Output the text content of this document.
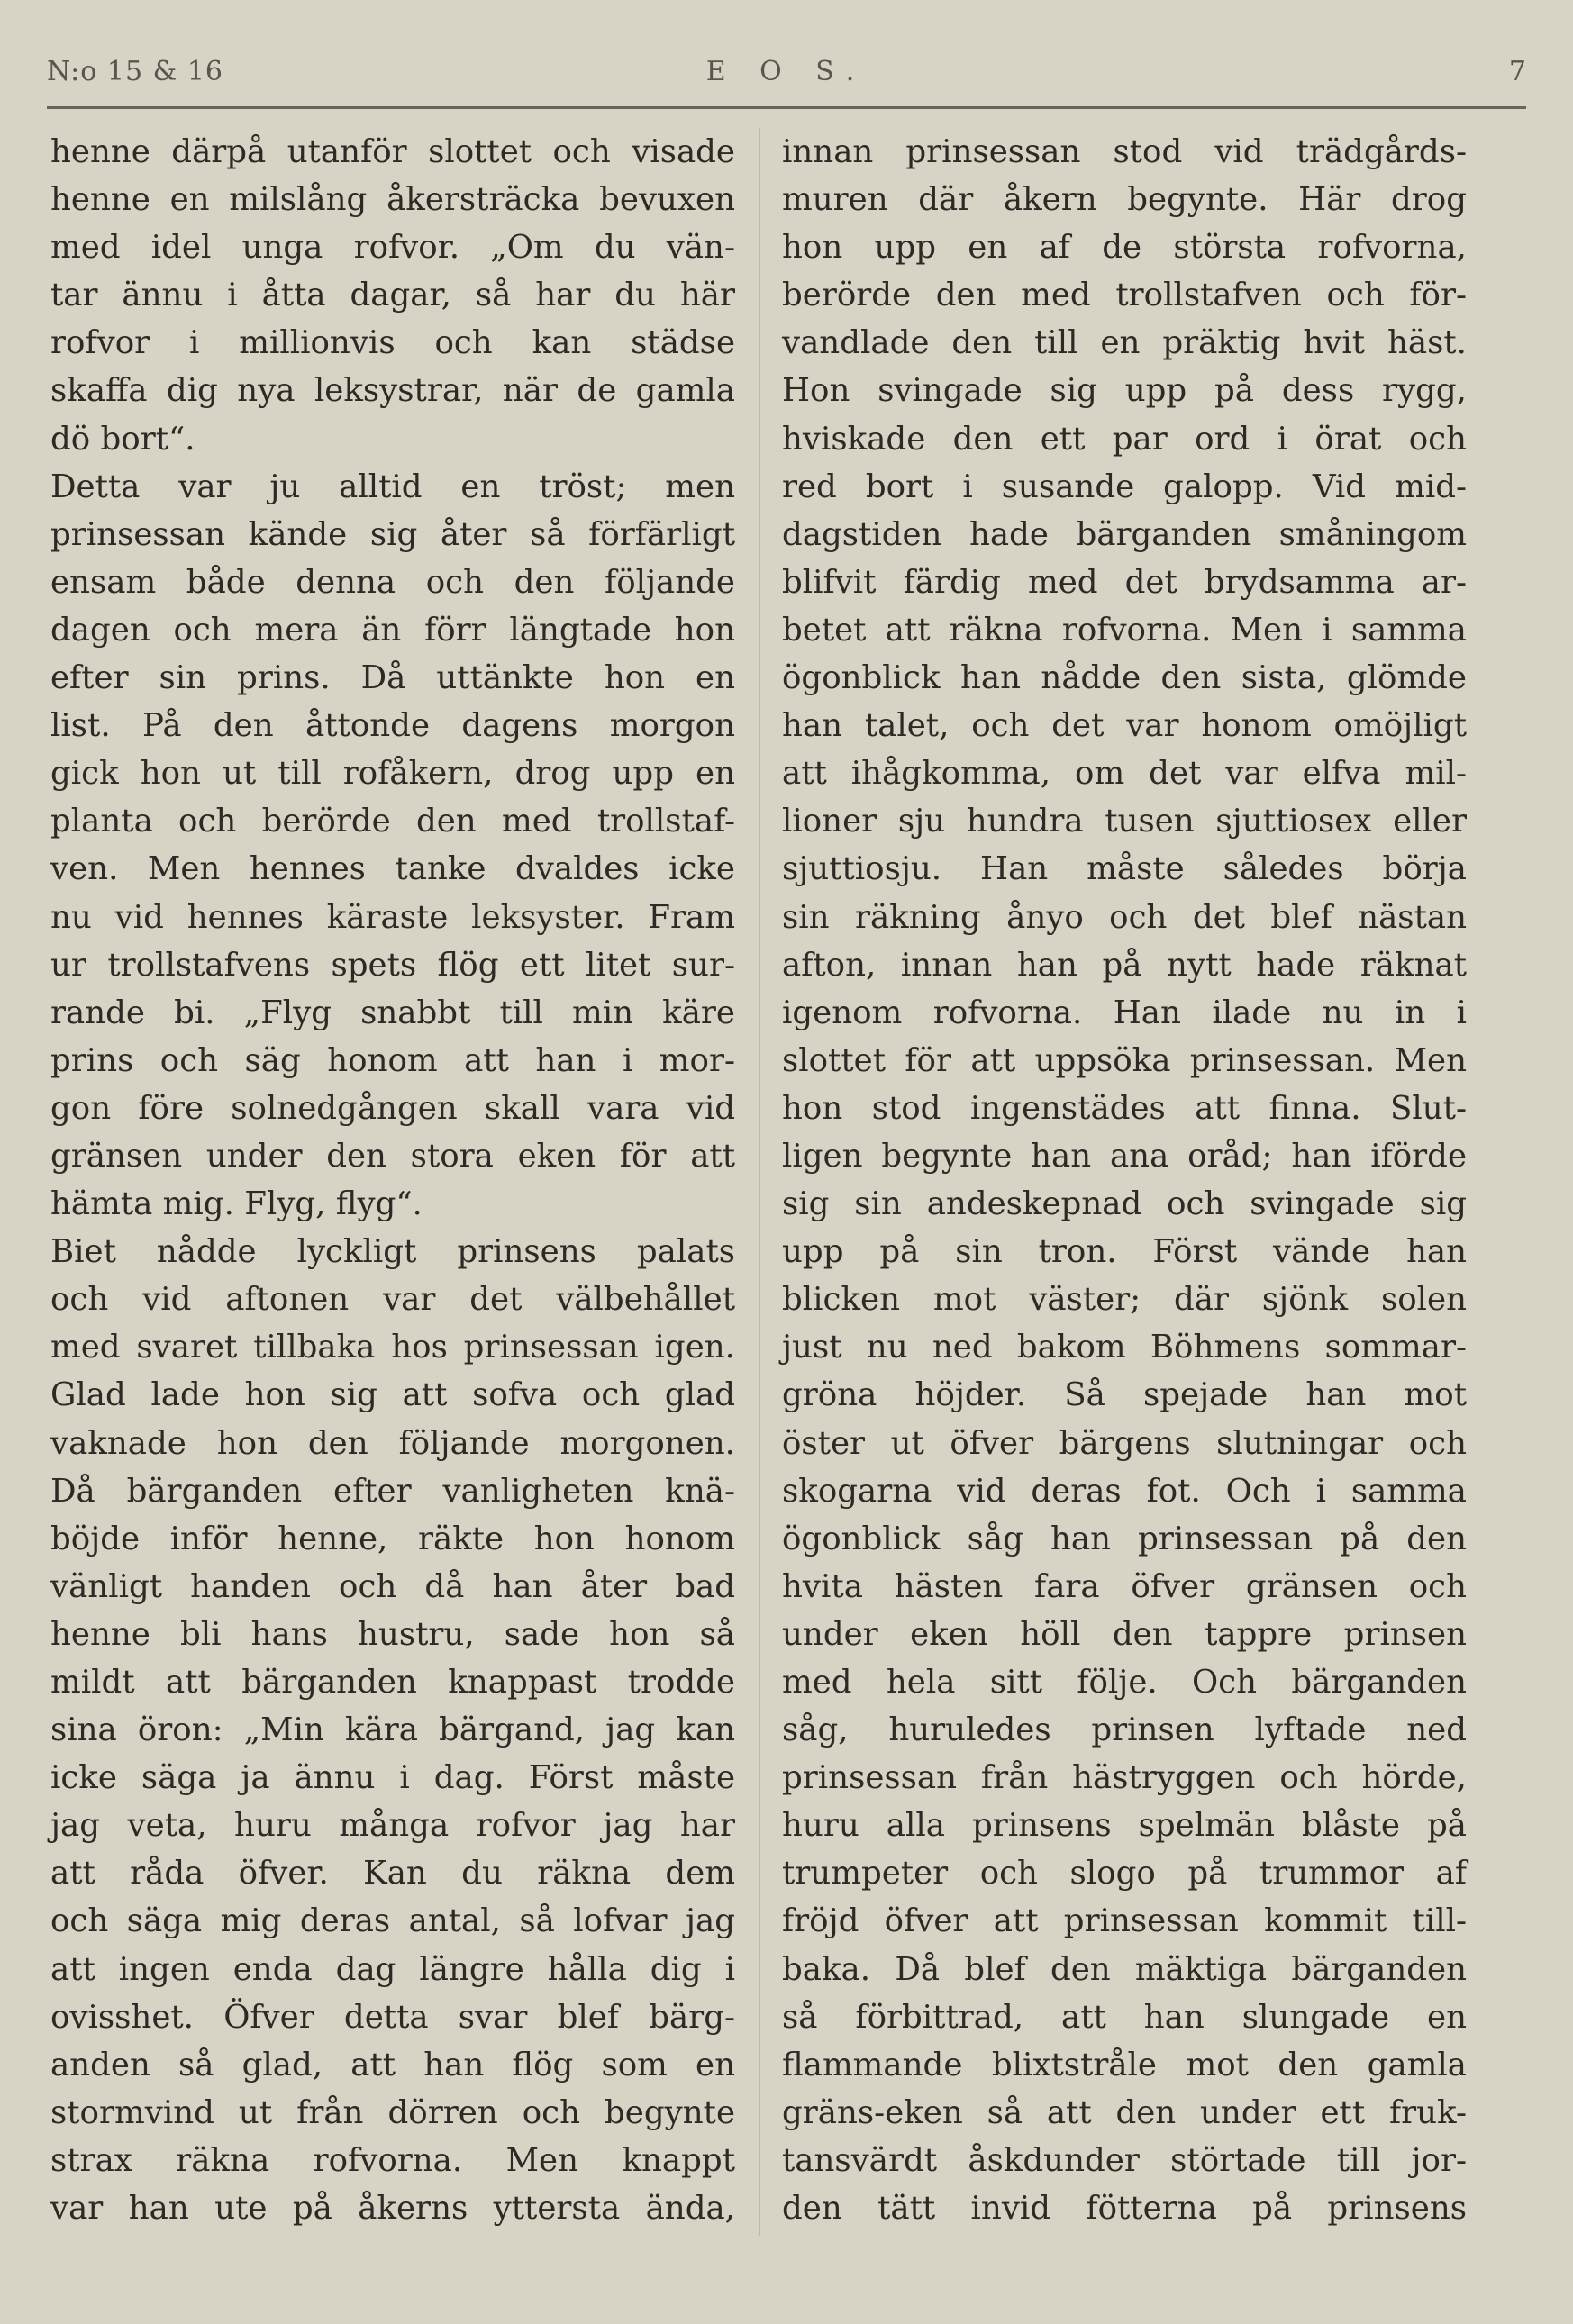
N:o 15 & 16	E O S.	7
henne därpå utanför slottet och visade
henne en milslång åkersträcka bevuxen
med idel unga rofvor. „Om du vän-
tar ännu i åtta dagar, så har du här
rofvor i millionvis och kan städse
skaffa dig nya leksystrar, när de gamla
dö bort“.
Detta var ju alltid en tröst; men
prinsessan kände sig åter så förfärligt
ensam både denna och den följande
dagen och mera än förr längtade hon
efter sin prins. Då uttänkte hon en
list. På den åttonde dagens morgon
gick hon ut till rofåkern, drog upp en
planta och berörde den med trollstaf-
ven. Men hennes tanke dvaldes icke
nu vid hennes käraste leksyster. Fram
ur trollstafvens spets flög ett litet sur-
rande bi. „Flyg snabbt till min käre
prins och säg honom att han i mor-
gon före solnedgången skall vara vid
gränsen under den stora eken för att
hämta mig. Flyg, flyg“.
Biet nådde lyckligt prinsens palats
och vid aftonen var det välbehållet
med svaret tillbaka hos prinsessan igen.
Glad lade hon sig att sofva och glad
vaknade hon den följande morgonen.
Då bärganden efter vanligheten knä-
böjde inför henne, räkte hon honom
vänligt handen och då han åter bad
henne bli hans hustru, sade hon så
mildt att bärganden knappast trodde
sina öron: „Min kära bärgand, jag kan
icke säga ja ännu i dag. Först måste
jag veta, huru många rofvor jag har
att råda öfver. Kan du räkna dem
och säga mig deras antal, så lofvar jag
att ingen enda dag längre hålla dig i
ovisshet. Öfver detta svar blef bärg-
anden så glad, att han flög som en
stormvind ut från dörren och begynte
strax räkna rofvorna. Men knappt
var han ute på åkerns yttersta ända,
innan prinsessan stod vid trädgårds-
muren där åkern begynte. Här drog
hon upp en af de största rofvorna,
berörde den med trollstafven och för-
vandlade den till en präktig hvit häst.
Hon svingade sig upp på dess rygg,
hviskade den ett par ord i örat och
red bort i susande galopp. Vid mid-
dagstiden hade bärganden småningom
blifvit färdig med det brydsamma ar-
betet att räkna rofvorna. Men i samma
ögonblick han nådde den sista, glömde
han talet, och det var honom omöjligt
att ihågkomma, om det var elfva mil-
lioner sju hundra tusen sjuttiosex eller
sjuttiosju. Han måste således börja
sin räkning ånyo och det blef nästan
afton, innan han på nytt hade räknat
igenom rofvorna. Han ilade nu in i
slottet för att uppsöka prinsessan. Men
hon stod ingenstädes att finna. Slut-
ligen begynte han ana oråd; han iförde
sig sin andeskepnad och svingade sig
upp på sin tron. Först vände han
blicken mot väster; där sjönk solen
just nu ned bakom Böhmens sommar-
gröna höjder. Så spejade han mot
öster ut öfver bärgens slutningar och
skogarna vid deras fot. Och i samma
ögonblick såg han prinsessan på den
hvita hästen fara öfver gränsen och
under eken höll den tappre prinsen
med hela sitt följe. Och bärganden
såg, huruledes prinsen lyftade ned
prinsessan från hästryggen och hörde,
huru alla prinsens spelmän blåste på
trumpeter och slogo på trummor af
fröjd öfver att prinsessan kommit till-
baka. Då blef den mäktiga bärganden
så förbittrad, att han slungade en
flammande blixtstråle mot den gamla
gräns-eken så att den under ett fruk-
tansvärdt åskdunder störtade till jor-
den tätt invid fötterna på prinsens
